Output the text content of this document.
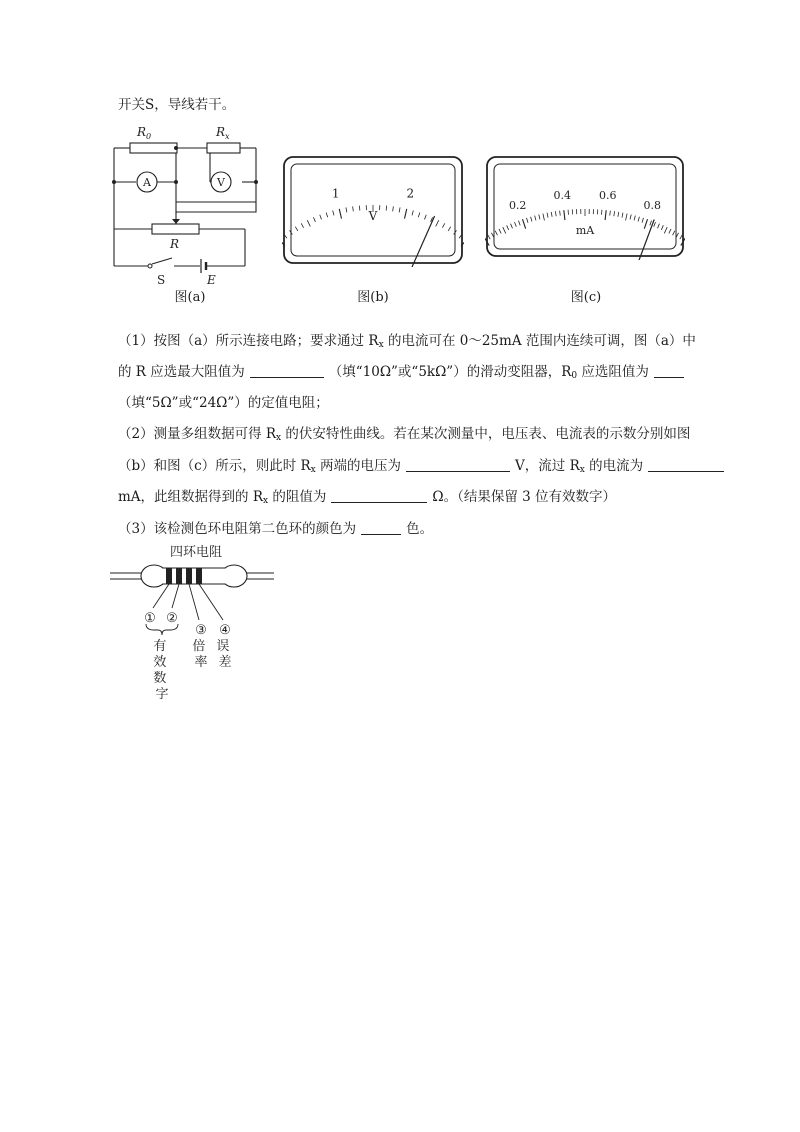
开关S，导线若干。
$R_0$	$R_x$
A	V
R
S	E
图(a)
1	2
V
图(b)
0.2
0.4	0.6
0.8
mA
图(c)
（1）按图（a）所示连接电路；要求通过 $R_x$ 的电流可在 0～25mA 范围内连续可调，图（a）中
的 R 应选最大阻值为	（填“10Ω”或“5kΩ”）的滑动变阻器，$R_0$ 应选阻值为
（填“5Ω”或“24Ω”）的定值电阻；
（2）测量多组数据可得 $R_x$ 的伏安特性曲线。若在某次测量中，电压表、电流表的示数分别如图
（b）和图（c）所示，则此时 $R_x$ 两端的电压为	V，流过 $R_x$ 的电流为
mA，此组数据得到的 $R_x$ 的阻值为	Ω。（结果保留 3 位有效数字）
（3）该检测色环电阻第二色环的颜色为	色。
四环电阻
① ②
③ ④
有 效 数 字
倍 率
误 差
